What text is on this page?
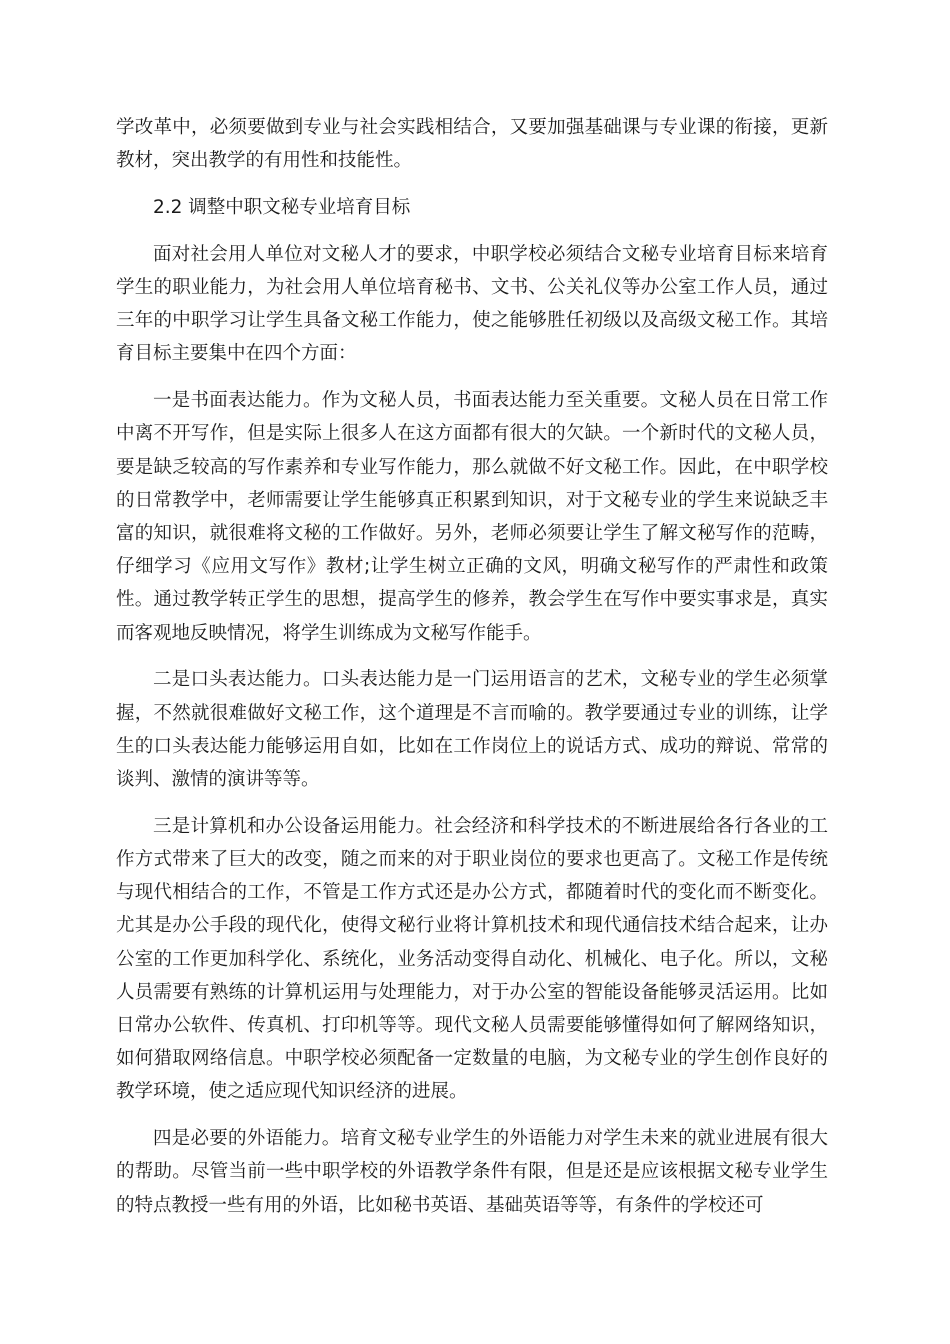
学改革中，必须要做到专业与社会实践相结合，又要加强基础课与专业课的衔接，更新教材，突出教学的有用性和技能性。

2.2 调整中职文秘专业培育目标

面对社会用人单位对文秘人才的要求，中职学校必须结合文秘专业培育目标来培育学生的职业能力，为社会用人单位培育秘书、文书、公关礼仪等办公室工作人员，通过三年的中职学习让学生具备文秘工作能力，使之能够胜任初级以及高级文秘工作。其培育目标主要集中在四个方面：

一是书面表达能力。作为文秘人员，书面表达能力至关重要。文秘人员在日常工作中离不开写作，但是实际上很多人在这方面都有很大的欠缺。一个新时代的文秘人员，要是缺乏较高的写作素养和专业写作能力，那么就做不好文秘工作。因此，在中职学校的日常教学中，老师需要让学生能够真正积累到知识，对于文秘专业的学生来说缺乏丰富的知识，就很难将文秘的工作做好。另外，老师必须要让学生了解文秘写作的范畴，仔细学习《应用文写作》教材;让学生树立正确的文风，明确文秘写作的严肃性和政策性。通过教学转正学生的思想，提高学生的修养，教会学生在写作中要实事求是，真实而客观地反映情况，将学生训练成为文秘写作能手。

二是口头表达能力。口头表达能力是一门运用语言的艺术，文秘专业的学生必须掌握，不然就很难做好文秘工作，这个道理是不言而喻的。教学要通过专业的训练，让学生的口头表达能力能够运用自如，比如在工作岗位上的说话方式、成功的辩说、常常的谈判、激情的演讲等等。

三是计算机和办公设备运用能力。社会经济和科学技术的不断进展给各行各业的工作方式带来了巨大的改变，随之而来的对于职业岗位的要求也更高了。文秘工作是传统与现代相结合的工作，不管是工作方式还是办公方式，都随着时代的变化而不断变化。尤其是办公手段的现代化，使得文秘行业将计算机技术和现代通信技术结合起来，让办公室的工作更加科学化、系统化，业务活动变得自动化、机械化、电子化。所以，文秘人员需要有熟练的计算机运用与处理能力，对于办公室的智能设备能够灵活运用。比如日常办公软件、传真机、打印机等等。现代文秘人员需要能够懂得如何了解网络知识，如何猎取网络信息。中职学校必须配备一定数量的电脑，为文秘专业的学生创作良好的教学环境，使之适应现代知识经济的进展。

四是必要的外语能力。培育文秘专业学生的外语能力对学生未来的就业进展有很大的帮助。尽管当前一些中职学校的外语教学条件有限，但是还是应该根据文秘专业学生的特点教授一些有用的外语，比如秘书英语、基础英语等等，有条件的学校还可
